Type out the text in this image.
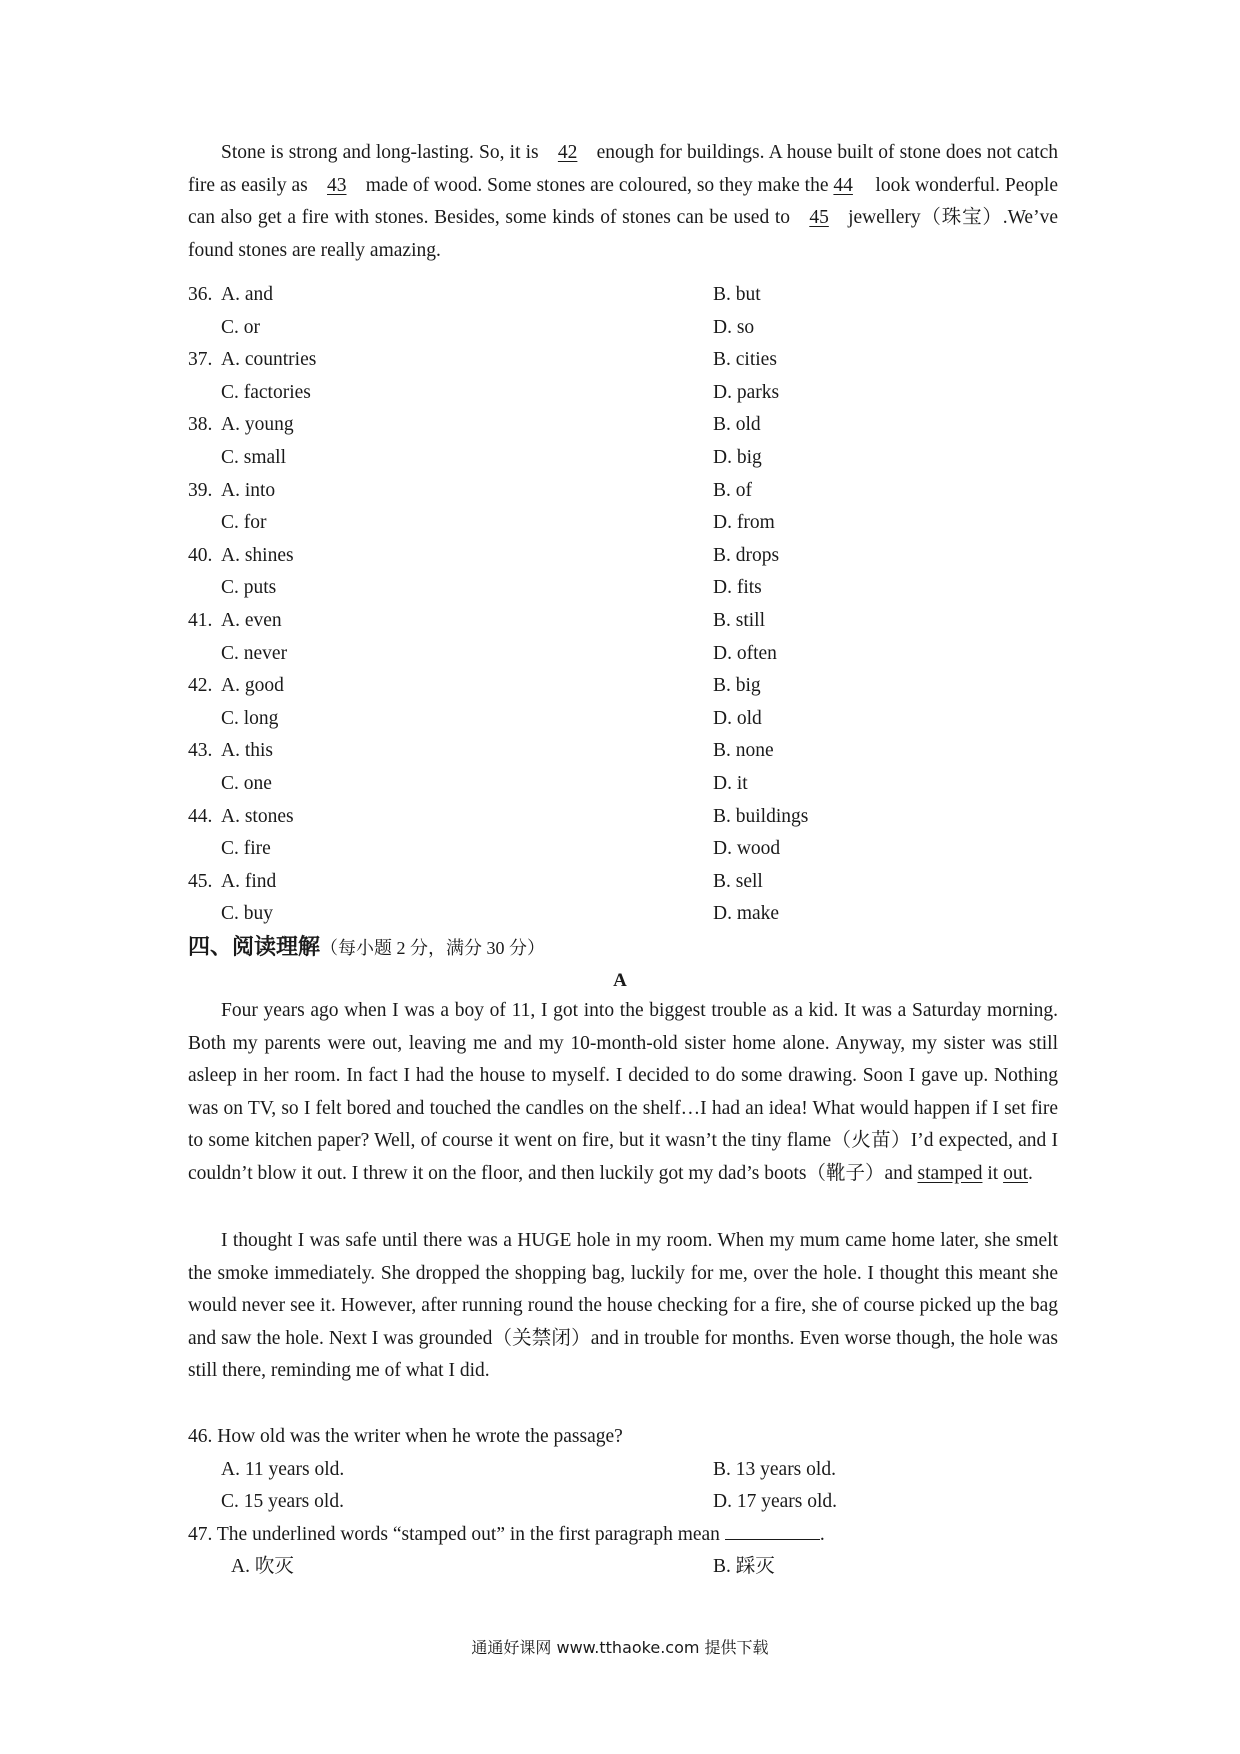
Stone is strong and long-lasting. So, it is 42 enough for buildings. A house built of stone does not catch fire as easily as 43 made of wood. Some stones are coloured, so they make the 44 look wonderful. People can also get a fire with stones. Besides, some kinds of stones can be used to 45 jewellery（珠宝）.We’ve found stones are really amazing.

36. A. and	B. but
C. or	D. so
37. A. countries	B. cities
C. factories	D. parks
38. A. young	B. old
C. small	D. big
39. A. into	B. of
C. for	D. from
40. A. shines	B. drops
C. puts	D. fits
41. A. even	B. still
C. never	D. often
42. A. good	B. big
C. long	D. old
43. A. this	B. none
C. one	D. it
44. A. stones	B. buildings
C. fire	D. wood
45. A. find	B. sell
C. buy	D. make
四、阅读理解（每小题 2 分，满分 30 分）
A

Four years ago when I was a boy of 11, I got into the biggest trouble as a kid. It was a Saturday morning. Both my parents were out, leaving me and my 10-month-old sister home alone. Anyway, my sister was still asleep in her room. In fact I had the house to myself. I decided to do some drawing. Soon I gave up. Nothing was on TV, so I felt bored and touched the candles on the shelf…I had an idea! What would happen if I set fire to some kitchen paper? Well, of course it went on fire, but it wasn’t the tiny flame（火苗）I’d expected, and I couldn’t blow it out. I threw it on the floor, and then luckily got my dad’s boots（靴子）and stamped it out.

I thought I was safe until there was a HUGE hole in my room. When my mum came home later, she smelt the smoke immediately. She dropped the shopping bag, luckily for me, over the hole. I thought this meant she would never see it. However, after running round the house checking for a fire, she of course picked up the bag and saw the hole. Next I was grounded（关禁闭）and in trouble for months. Even worse though, the hole was still there, reminding me of what I did.

46. How old was the writer when he wrote the passage?
A. 11 years old.	B. 13 years old.
C. 15 years old.	D. 17 years old.
47. The underlined words “stamped out” in the first paragraph mean	.
A. 吹灭	B. 踩灭
通通好课网 www.tthaoke.com 提供下载
